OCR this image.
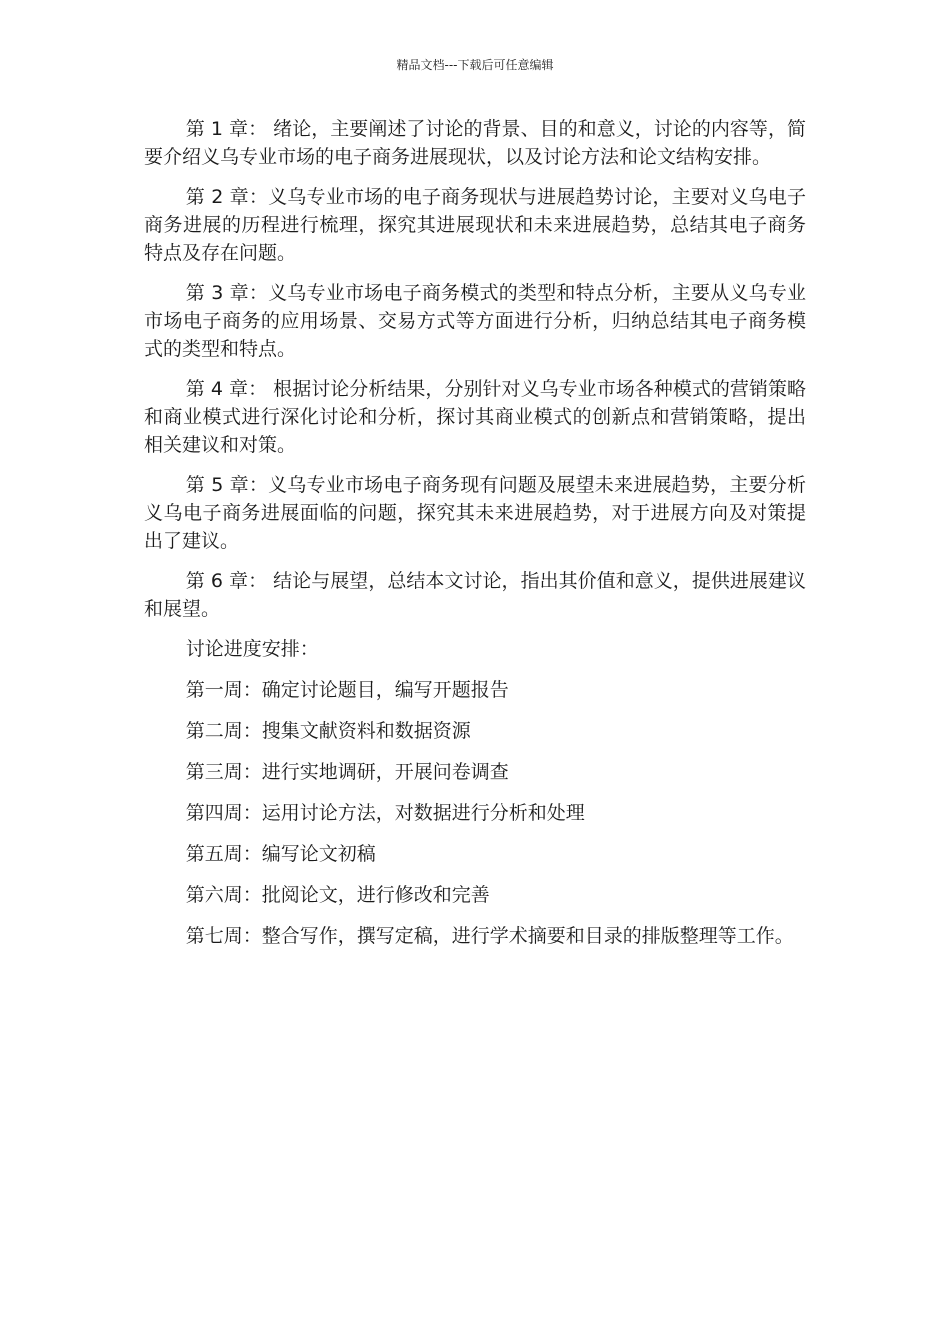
精品文档---下载后可任意编辑

第 1 章： 绪论，主要阐述了讨论的背景、目的和意义，讨论的内容等，简要介绍义乌专业市场的电子商务进展现状，以及讨论方法和论文结构安排。

第 2 章：义乌专业市场的电子商务现状与进展趋势讨论，主要对义乌电子商务进展的历程进行梳理，探究其进展现状和未来进展趋势，总结其电子商务特点及存在问题。

第 3 章：义乌专业市场电子商务模式的类型和特点分析，主要从义乌专业市场电子商务的应用场景、交易方式等方面进行分析，归纳总结其电子商务模式的类型和特点。

第 4 章： 根据讨论分析结果，分别针对义乌专业市场各种模式的营销策略和商业模式进行深化讨论和分析，探讨其商业模式的创新点和营销策略，提出相关建议和对策。

第 5 章：义乌专业市场电子商务现有问题及展望未来进展趋势，主要分析义乌电子商务进展面临的问题，探究其未来进展趋势，对于进展方向及对策提出了建议。

第 6 章： 结论与展望，总结本文讨论，指出其价值和意义，提供进展建议和展望。

讨论进度安排：

第一周：确定讨论题目，编写开题报告

第二周：搜集文献资料和数据资源

第三周：进行实地调研，开展问卷调查

第四周：运用讨论方法，对数据进行分析和处理

第五周：编写论文初稿

第六周：批阅论文，进行修改和完善

第七周：整合写作，撰写定稿，进行学术摘要和目录的排版整理等工作。
